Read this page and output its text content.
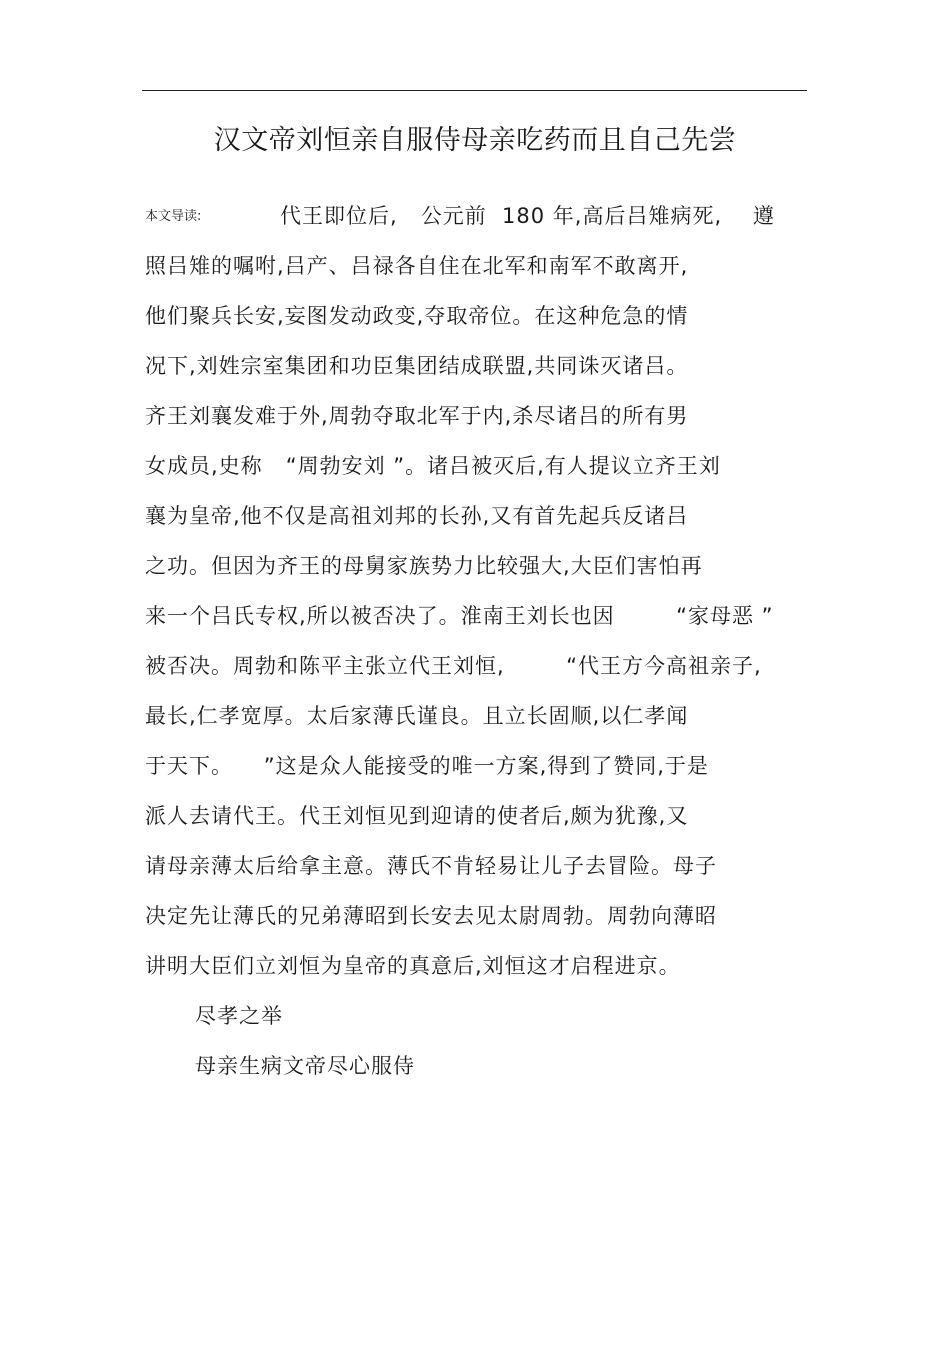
汉文帝刘恒亲自服侍母亲吃药而且自己先尝
本文导读:	代王即位后,   公元前  180 年,高后吕雉病死,    遵
照吕雉的嘱咐,吕产、吕禄各自住在北军和南军不敢离开,
他们聚兵长安,妄图发动政变,夺取帝位。在这种危急的情
况下,刘姓宗室集团和功臣集团结成联盟,共同诛灭诸吕。
齐王刘襄发难于外,周勃夺取北军于内,杀尽诸吕的所有男
女成员,史称   “周勃安刘 ”。诸吕被灭后,有人提议立齐王刘
襄为皇帝,他不仅是高祖刘邦的长孙,又有首先起兵反诸吕
之功。但因为齐王的母舅家族势力比较强大,大臣们害怕再
来一个吕氏专权,所以被否决了。淮南王刘长也因        “家母恶 ”
被否决。周勃和陈平主张立代王刘恒,        “代王方今高祖亲子,
最长,仁孝宽厚。太后家薄氏谨良。且立长固顺,以仁孝闻
于天下。    ”这是众人能接受的唯一方案,得到了赞同,于是
派人去请代王。代王刘恒见到迎请的使者后,颇为犹豫,又
请母亲薄太后给拿主意。薄氏不肯轻易让儿子去冒险。母子
决定先让薄氏的兄弟薄昭到长安去见太尉周勃。周勃向薄昭
讲明大臣们立刘恒为皇帝的真意后,刘恒这才启程进京。
尽孝之举
母亲生病文帝尽心服侍
